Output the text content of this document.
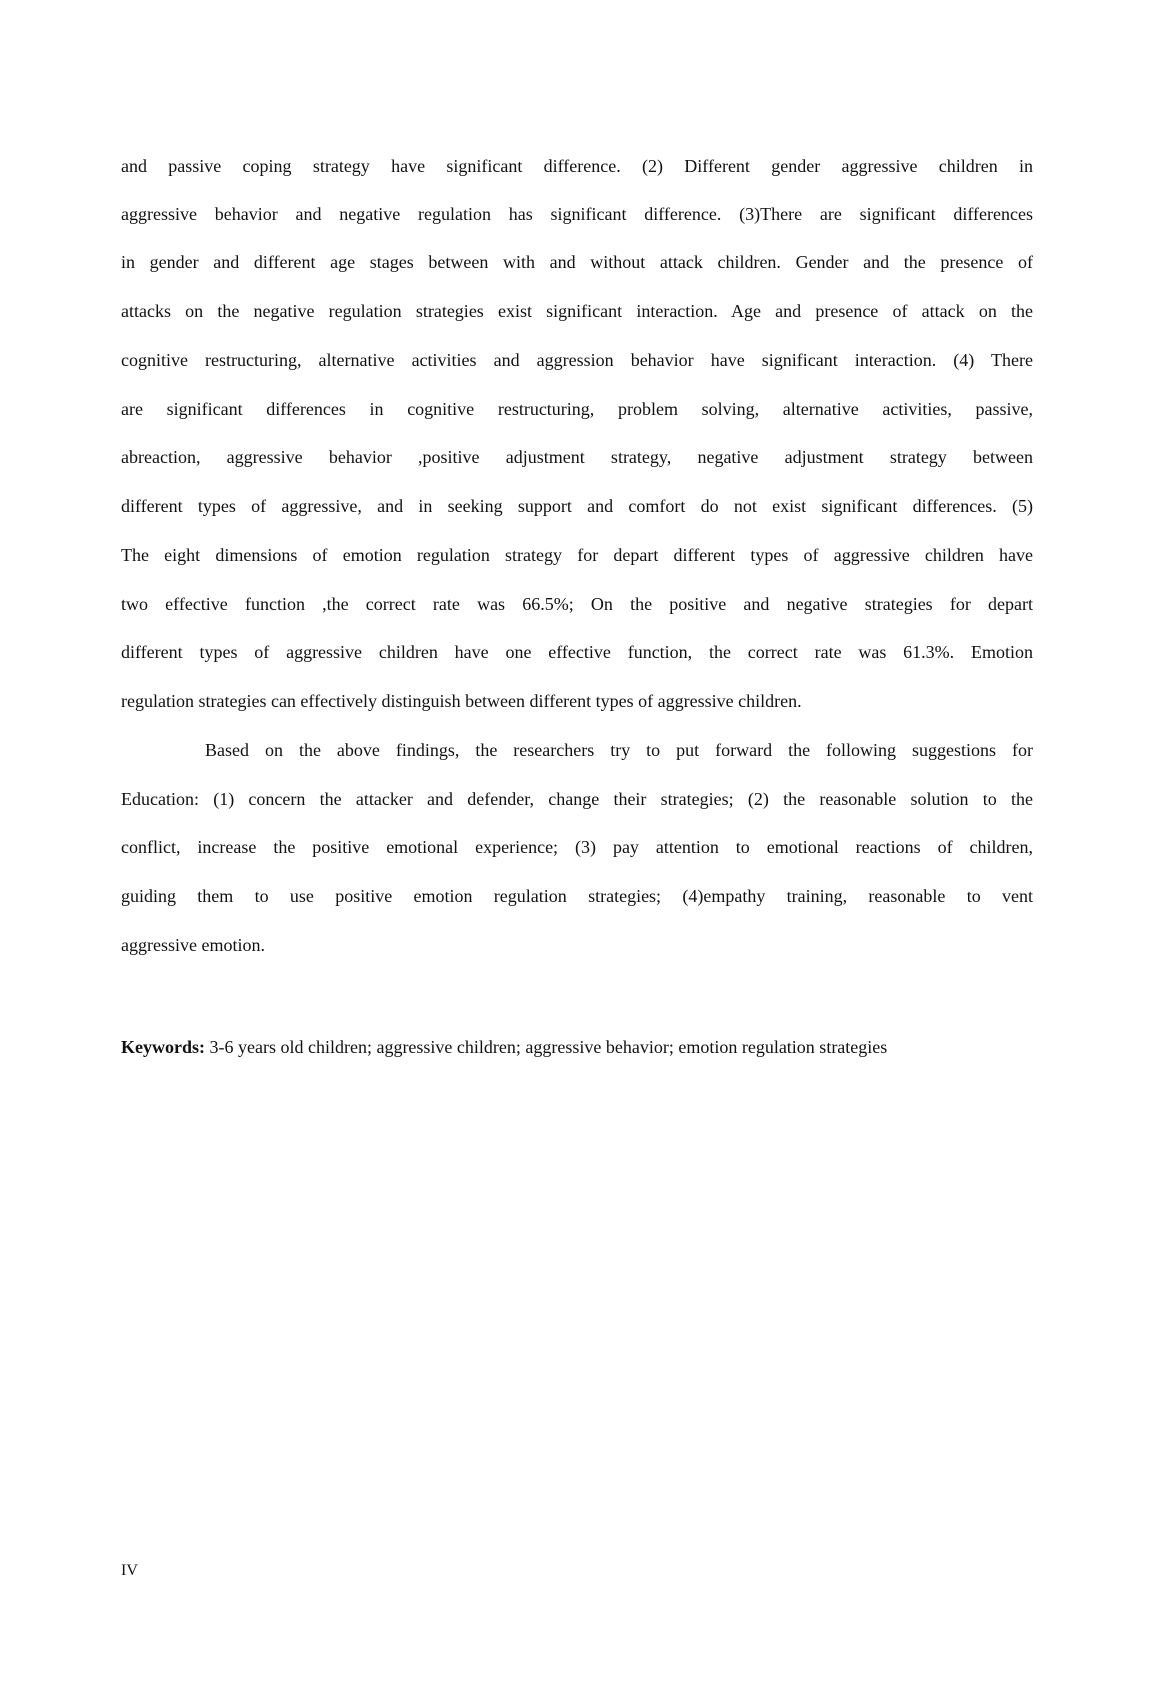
and passive coping strategy have significant difference. (2) Different gender aggressive children in
aggressive behavior and negative regulation has significant difference. (3)There are significant differences
in gender and different age stages between with and without attack children. Gender and the presence of
attacks on the negative regulation strategies exist significant interaction. Age and presence of attack on the
cognitive restructuring, alternative activities and aggression behavior have significant interaction. (4) There
are significant differences in cognitive restructuring, problem solving, alternative activities, passive,
abreaction, aggressive behavior ,positive adjustment strategy, negative adjustment strategy between
different types of aggressive, and in seeking support and comfort do not exist significant differences. (5)
The eight dimensions of emotion regulation strategy for depart different types of aggressive children have
two effective function ,the correct rate was 66.5%; On the positive and negative strategies for depart
different types of aggressive children have one effective function, the correct rate was 61.3%. Emotion
regulation strategies can effectively distinguish between different types of aggressive children.
Based on the above findings, the researchers try to put forward the following suggestions for
Education: (1) concern the attacker and defender, change their strategies; (2) the reasonable solution to the
conflict, increase the positive emotional experience; (3) pay attention to emotional reactions of children,
guiding them to use positive emotion regulation strategies; (4)empathy training, reasonable to vent
aggressive emotion.
Keywords: 3-6 years old children; aggressive children; aggressive behavior; emotion regulation strategies
IV
